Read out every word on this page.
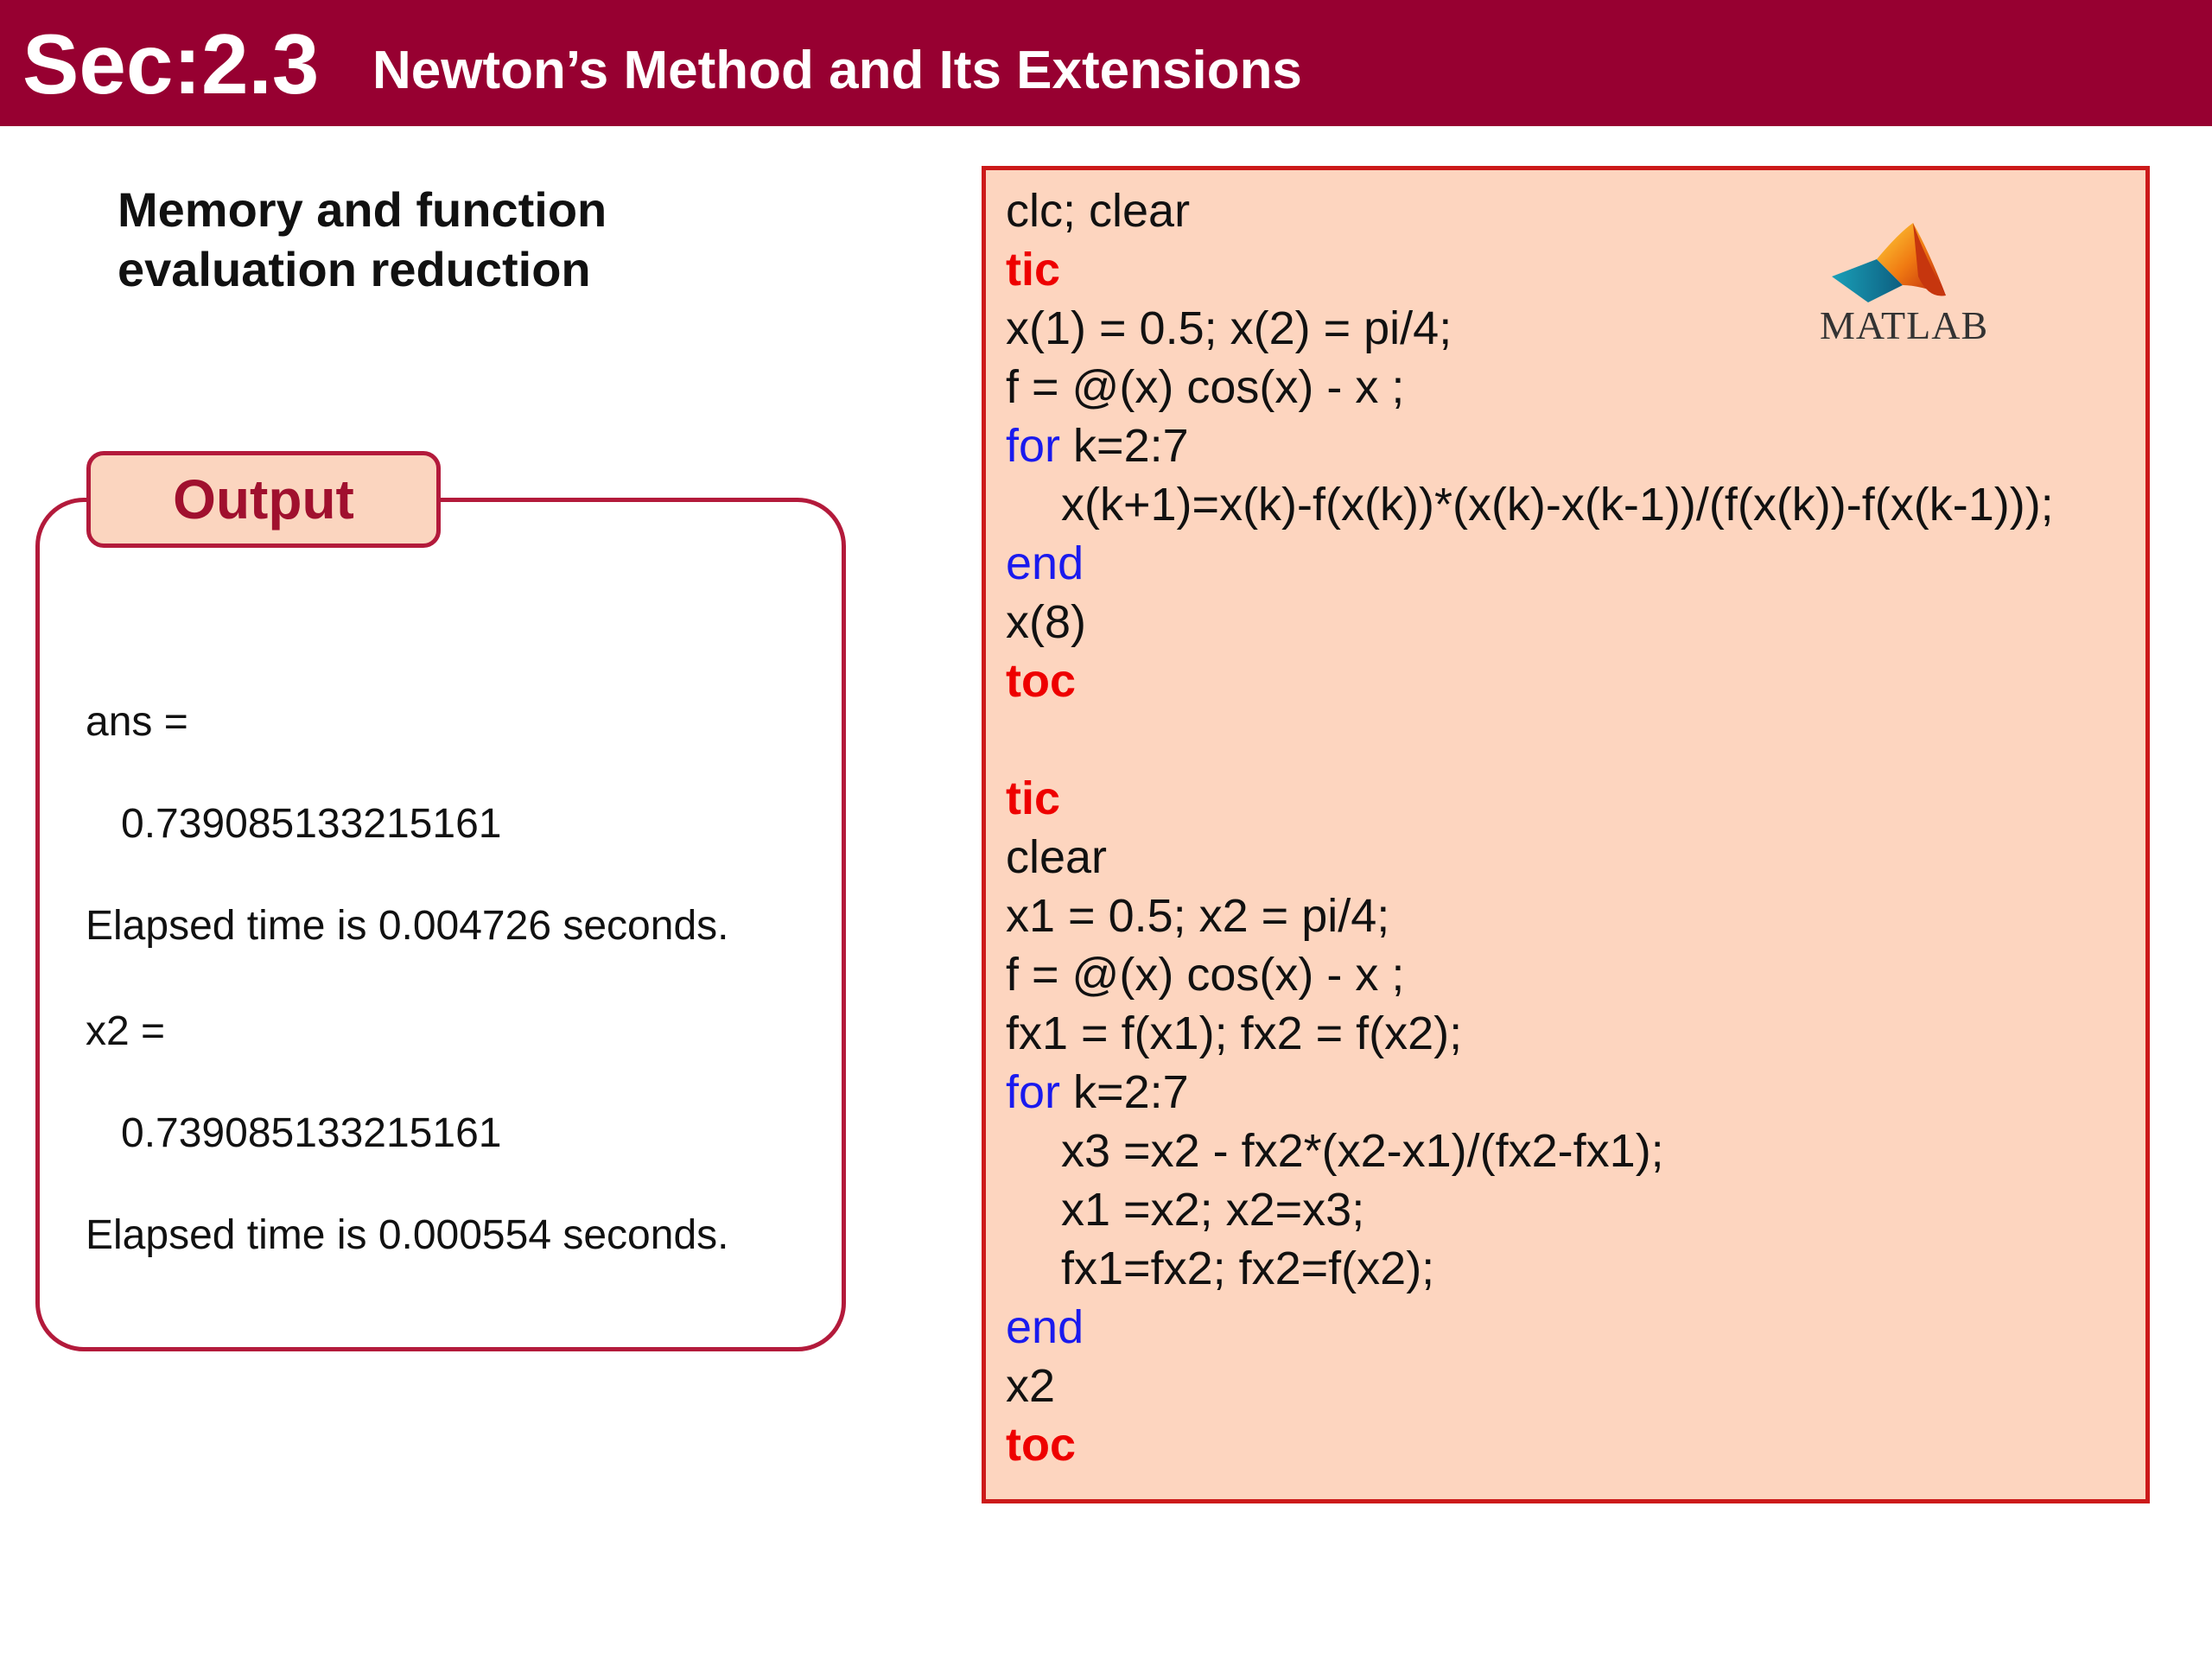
Sec:2.3 Newton’s Method and Its Extensions
Memory and function
evaluation reduction
Output
ans =
0.739085133215161
Elapsed time is 0.004726 seconds.
x2 =
0.739085133215161
Elapsed time is 0.000554 seconds.
MATLAB
clc; clear
tic
x(1) = 0.5; x(2) = pi/4;
f = @(x) cos(x) - x ;
for k=2:7
x(k+1)=x(k)-f(x(k))*(x(k)-x(k-1))/(f(x(k))-f(x(k-1)));
end
x(8)
toc
tic
clear
x1 = 0.5; x2 = pi/4;
f = @(x) cos(x) - x ;
fx1 = f(x1); fx2 = f(x2);
for k=2:7
x3 =x2 - fx2*(x2-x1)/(fx2-fx1);
x1 =x2; x2=x3;
fx1=fx2; fx2=f(x2);
end
x2
toc
